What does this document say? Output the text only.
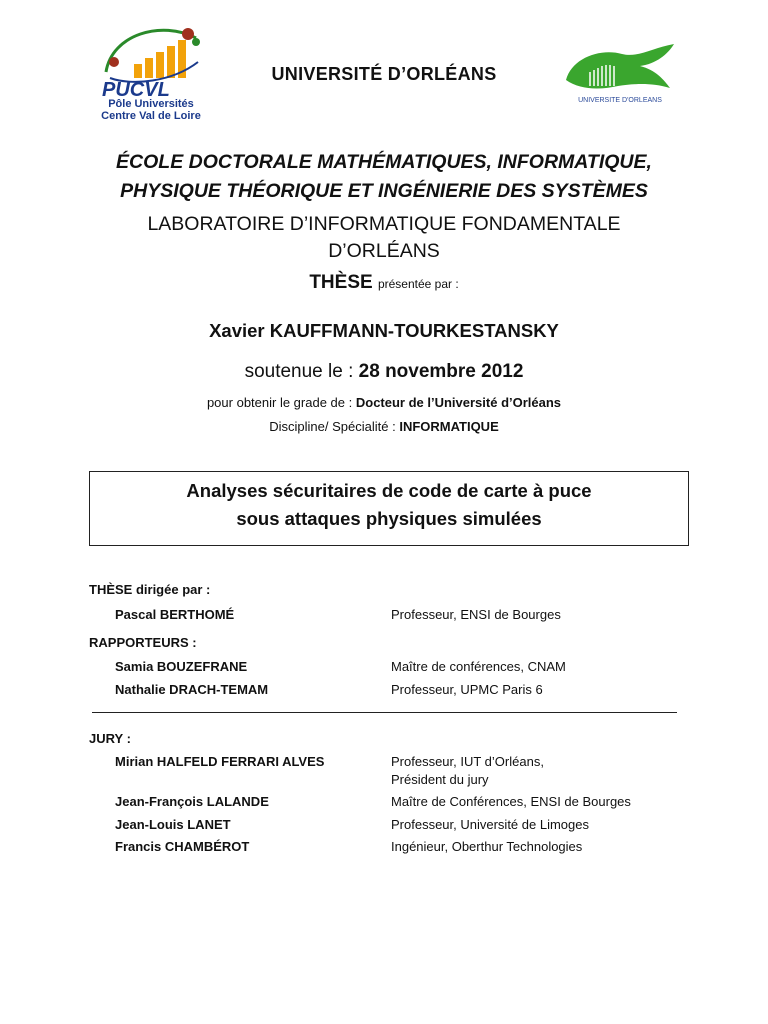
PUCVL
Pôle Universités
Centre Val de Loire
UNIVERSITE D'ORLEANS
UNIVERSITÉ D’ORLÉANS
ÉCOLE DOCTORALE MATHÉMATIQUES, INFORMATIQUE,
PHYSIQUE THÉORIQUE ET INGÉNIERIE DES SYSTÈMES
LABORATOIRE D’INFORMATIQUE FONDAMENTALE
D’ORLÉANS
THÈSE présentée par :
Xavier KAUFFMANN-TOURKESTANSKY
soutenue le : 28 novembre 2012
pour obtenir le grade de : Docteur de l’Université d’Orléans
Discipline/ Spécialité : INFORMATIQUE
Analyses sécuritaires de code de carte à puce
sous attaques physiques simulées
THÈSE dirigée par :
Pascal BERTHOMÉ	Professeur, ENSI de Bourges
RAPPORTEURS :
Samia BOUZEFRANE	Maître de conférences, CNAM
Nathalie DRACH-TEMAM	Professeur, UPMC Paris 6
JURY :
Mirian HALFELD FERRARI ALVES	Professeur, IUT d’Orléans,
Président du jury
Jean-François LALANDE	Maître de Conférences, ENSI de Bourges
Jean-Louis LANET	Professeur, Université de Limoges
Francis CHAMBÉROT	Ingénieur, Oberthur Technologies
